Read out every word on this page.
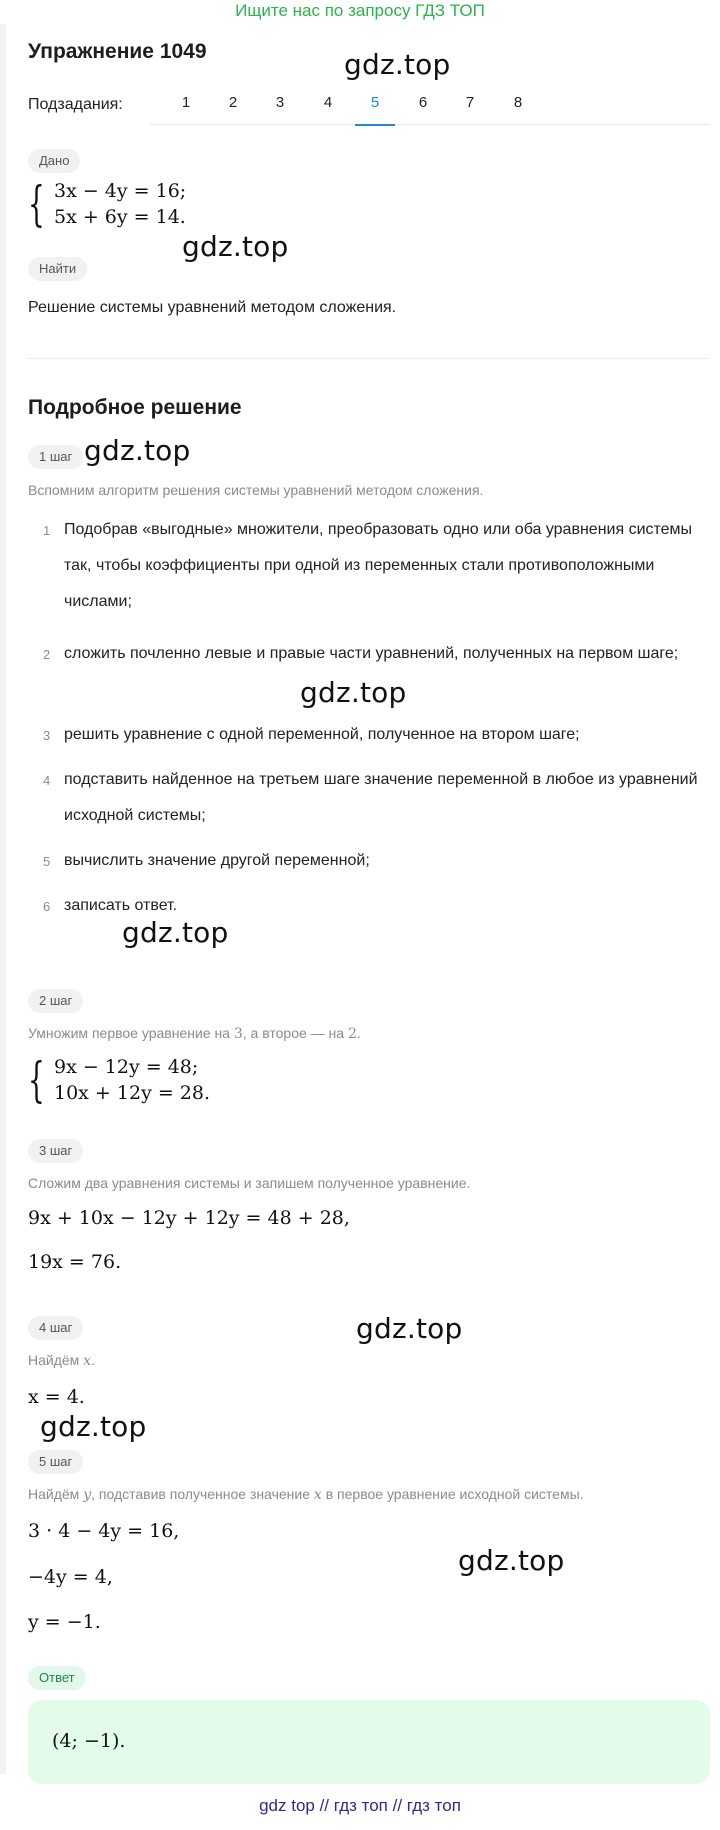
Ищите нас по запросу ГДЗ ТОП
gdz.top
gdz.top
gdz.top
gdz.top
gdz.top
gdz.top
gdz.top
gdz.top
Упражнение 1049
Подзадания:	1	2	3	4	5	6	7	8
Дано
{ 3x − 4y = 16;
5x + 6y = 14.
Найти
Решение системы уравнений методом сложения.
Подробное решение
1 шаг
Вспомним алгоритм решения системы уравнений методом сложения.
1 Подобрав «выгодные» множители, преобразовать одно или оба уравнения системы так, чтобы коэффициенты при одной из переменных стали противоположными числами;
2 сложить почленно левые и правые части уравнений, полученных на первом шаге;
3 решить уравнение с одной переменной, полученное на втором шаге;
4 подставить найденное на третьем шаге значение переменной в любое из уравнений исходной системы;
5 вычислить значение другой переменной;
6 записать ответ.
2 шаг
Умножим первое уравнение на 3, а второе — на 2.
{ 9x − 12y = 48;
10x + 12y = 28.
3 шаг
Сложим два уравнения системы и запишем полученное уравнение.
9x + 10x − 12y + 12y = 48 + 28,
19x = 76.
4 шаг
Найдём x.
x = 4.
5 шаг
Найдём y, подставив полученное значение x в первое уравнение исходной системы.
3 · 4 − 4y = 16,
−4y = 4,
y = −1.
Ответ
(4; −1).
gdz top // гдз топ // гдз топ
